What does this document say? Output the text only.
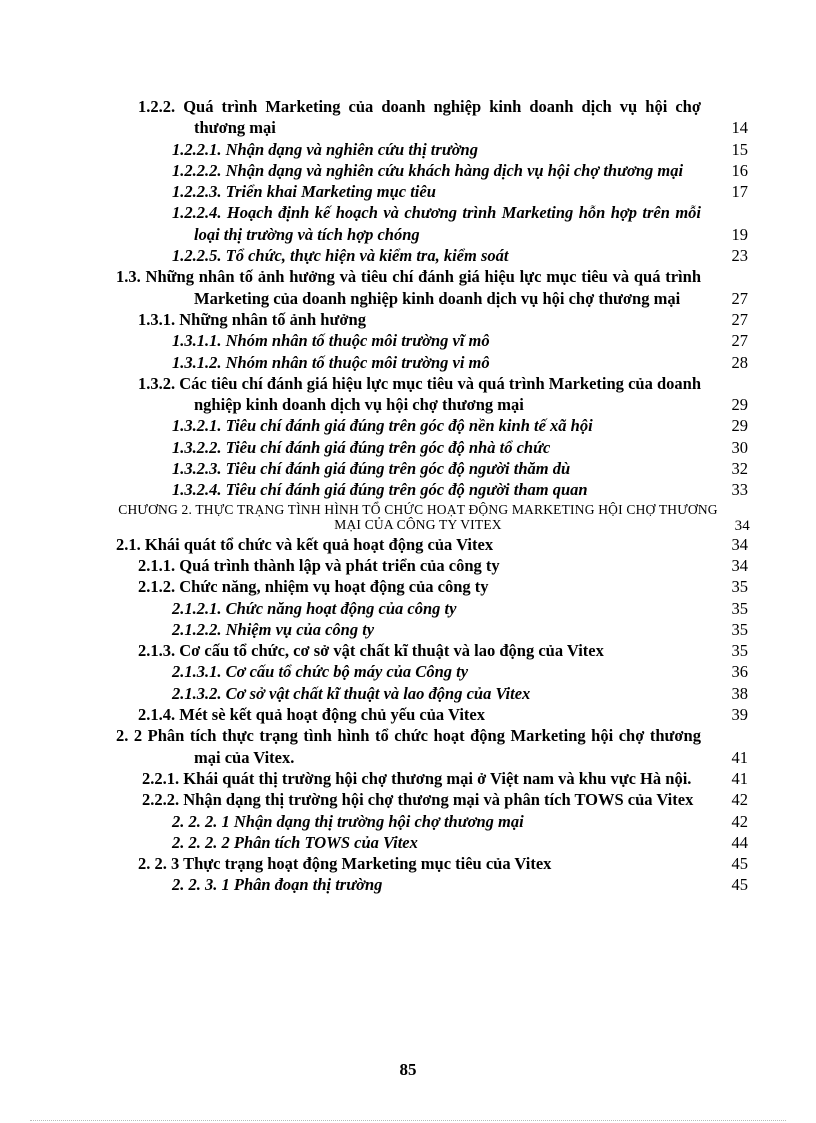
1.2.2. Quá trình Marketing của doanh nghiệp kinh doanh dịch vụ hội chợ thương mại	14
1.2.2.1. Nhận dạng và nghiên cứu thị trường	15
1.2.2.2. Nhận dạng và nghiên cứu khách hàng dịch vụ hội chợ thương mại	16
1.2.2.3. Triển khai Marketing mục tiêu	17
1.2.2.4. Hoạch định kế hoạch và chương trình Marketing hỗn hợp trên mỗi loại thị trường và tích hợp chóng	19
1.2.2.5. Tổ chức, thực hiện và kiểm tra, kiểm soát	23
1.3. Những nhân tố ảnh hưởng và tiêu chí đánh giá hiệu lực mục tiêu và quá trình Marketing của doanh nghiệp kinh doanh dịch vụ hội chợ thương mại	27
1.3.1. Những nhân tố ảnh hưởng	27
1.3.1.1. Nhóm nhân tố thuộc môi trường vĩ mô	27
1.3.1.2. Nhóm nhân tố thuộc môi trường vi mô	28
1.3.2. Các tiêu chí đánh giá hiệu lực mục tiêu và quá trình Marketing của doanh nghiệp kinh doanh dịch vụ hội chợ thương mại	29
1.3.2.1. Tiêu chí đánh giá đúng trên góc độ nền kinh tế xã hội	29
1.3.2.2. Tiêu chí đánh giá đúng trên góc độ nhà tổ chức	30
1.3.2.3. Tiêu chí đánh giá đúng trên góc độ người thăm dù	32
1.3.2.4. Tiêu chí đánh giá đúng trên góc độ người tham quan	33
CHƯƠNG 2. THỰC TRẠNG TÌNH HÌNH TỔ CHỨC HOẠT ĐỘNG MARKETING HỘI CHỢ THƯƠNG MẠI CỦA CÔNG TY VITEX	34
2.1. Khái quát tổ chức và kết quả hoạt động của Vitex	34
2.1.1. Quá trình thành lập và phát triển của công ty	34
2.1.2. Chức năng, nhiệm vụ hoạt động của công ty	35
2.1.2.1. Chức năng hoạt động của công ty	35
2.1.2.2. Nhiệm vụ của công ty	35
2.1.3. Cơ cấu tổ chức, cơ sở vật chất kĩ thuật và lao động của Vitex	35
2.1.3.1. Cơ cấu tổ chức bộ máy của Công ty	36
2.1.3.2. Cơ sở vật chất kĩ thuật và lao động của Vitex	38
2.1.4. Mét sè kết quả hoạt động chủ yếu của Vitex	39
2. 2 Phân tích thực trạng tình hình tổ chức hoạt động Marketing hội chợ thương mại của Vitex.	41
2.2.1. Khái quát thị trường hội chợ thương mại ở Việt nam và khu vực Hà nội.	41
2.2.2. Nhận dạng thị trường hội chợ thương mại và phân tích TOWS của Vitex	42
2. 2. 2. 1 Nhận dạng thị trường hội chợ thương mại	42
2. 2. 2. 2 Phân tích TOWS của Vitex	44
2. 2. 3 Thực trạng hoạt động Marketing mục tiêu của Vitex	45
2. 2. 3. 1 Phân đoạn thị trường	45
85
